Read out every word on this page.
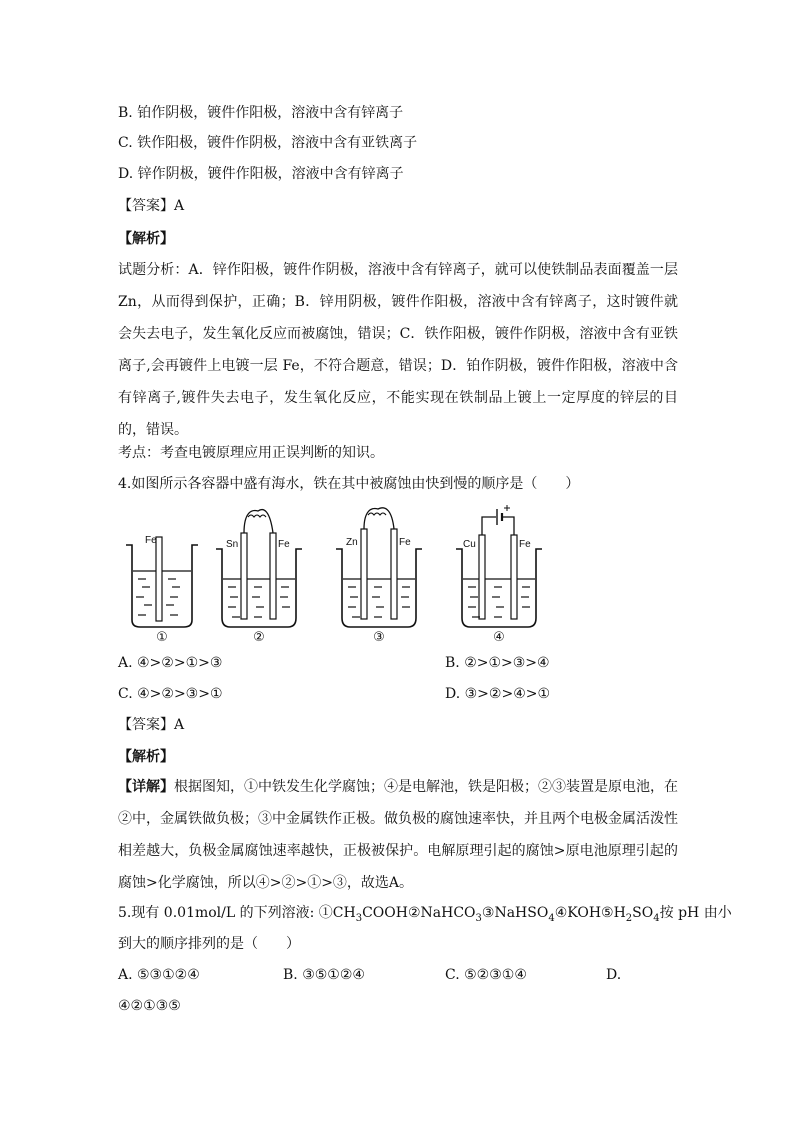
B. 铂作阴极，镀件作阳极，溶液中含有锌离子
C. 铁作阳极，镀件作阴极，溶液中含有亚铁离子
D. 锌作阴极，镀件作阳极，溶液中含有锌离子
【答案】A
【解析】
试题分析：A．锌作阳极，镀件作阴极，溶液中含有锌离子，就可以使铁制品表面覆盖一层Zn，从而得到保护，正确；B．锌用阴极，镀件作阳极，溶液中含有锌离子，这时镀件就会失去电子，发生氧化反应而被腐蚀，错误；C．铁作阳极，镀件作阴极，溶液中含有亚铁离子,会再镀件上电镀一层 Fe，不符合题意，错误；D．铂作阴极，镀件作阳极，溶液中含有锌离子,镀件失去电子，发生氧化反应，不能实现在铁制品上镀上一定厚度的锌层的目的，错误。
考点：考查电镀原理应用正误判断的知识。
4.如图所示各容器中盛有海水，铁在其中被腐蚀由快到慢的顺序是（　　）
Fe	Sn	Fe	Zn	Fe	Cu	Fe
①	②	③	④
A. ④>②>①>③	B. ②>①>③>④
C. ④>②>③>①	D. ③>②>④>①
【答案】A
【解析】
【详解】根据图知，①中铁发生化学腐蚀；④是电解池，铁是阳极；②③装置是原电池，在②中，金属铁做负极；③中金属铁作正极。做负极的腐蚀速率快，并且两个电极金属活泼性相差越大，负极金属腐蚀速率越快，正极被保护。电解原理引起的腐蚀>原电池原理引起的腐蚀>化学腐蚀，所以④>②>①>③，故选A。
5.现有 0.01mol/L 的下列溶液: $①CH_3COOH②NaHCO_3③NaHSO_4④KOH⑤H_2SO_4$按 pH 由小
到大的顺序排列的是（　　）
A. ⑤③①②④	B. ③⑤①②④	C. ⑤②③①④	D.
④②①③⑤
